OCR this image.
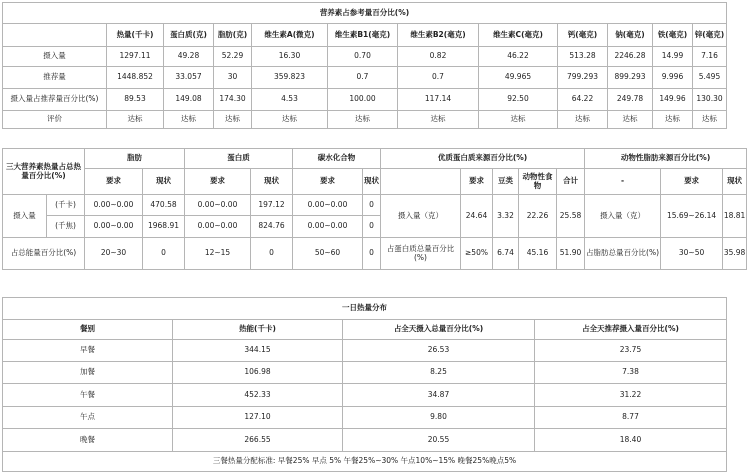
营养素占参考量百分比(%)											
	热量(千卡)	蛋白质(克)	脂肪(克)	维生素A(微克)	维生素B1(毫克)	维生素B2(毫克)	维生素C(毫克)	钙(毫克)	钠(毫克)	铁(毫克)	锌(毫克)
摄入量	1297.11	49.28	52.29	16.30	0.70	0.82	46.22	513.28	2246.28	14.99	7.16
推荐量	1448.852	33.057	30	359.823	0.7	0.7	49.965	799.293	899.293	9.996	5.495
摄入量占推荐量百分比(%)	89.53	149.08	174.30	4.53	100.00	117.14	92.50	64.22	249.78	149.96	130.30
评价	达标	达标	达标	达标	达标	达标	达标	达标	达标	达标	达标
三大营养素热量占总热量百分比(%)		脂肪		蛋白质		碳水化合物		优质蛋白质来源百分比(%)					动物性脂肪来源百分比(%)		
		要求	现状	要求	现状	要求	现状		要求	豆类	动物性食物	合计	-	要求	现状
摄入量	(千卡)	0.00~0.00	470.58	0.00~0.00	197.12	0.00~0.00	0	摄入量（克）	24.64	3.32	22.26	25.58	摄入量（克）	15.69~26.14	18.81
	(千焦)	0.00~0.00	1968.91	0.00~0.00	824.76	0.00~0.00	0								
占总能量百分比(%)		20~30	0	12~15	0	50~60	0	占蛋白质总量百分比(%)	≥50%	6.74	45.16	51.90	占脂肪总量百分比(%)	30~50	35.98
一日热量分布			
餐别	热能(千卡)	占全天摄入总量百分比(%)	占全天推荐摄入量百分比(%)
早餐	344.15	26.53	23.75
加餐	106.98	8.25	7.38
午餐	452.33	34.87	31.22
午点	127.10	9.80	8.77
晚餐	266.55	20.55	18.40
三餐热量分配标准: 早餐25% 早点 5% 午餐25%~30% 午点10%~15% 晚餐25%晚点5%			
